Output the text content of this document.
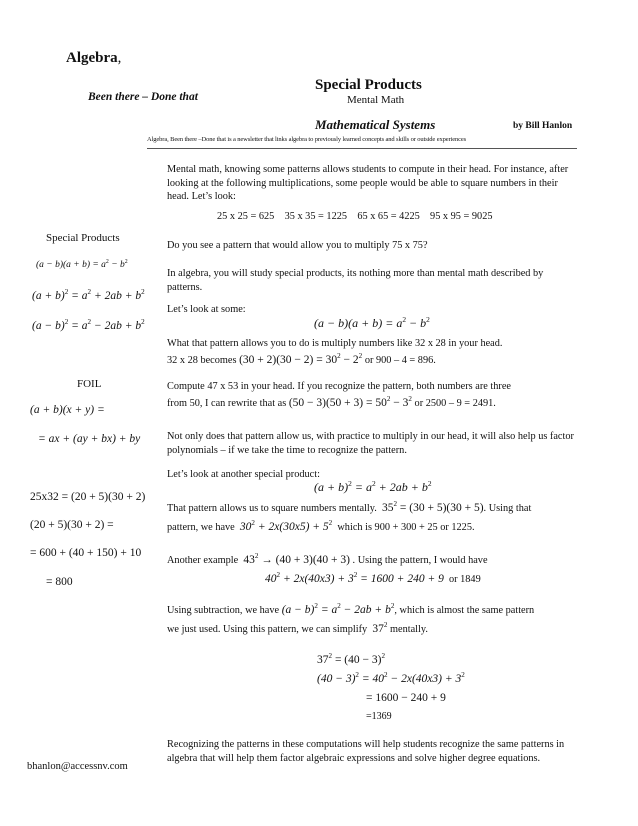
Algebra,
Been there – Done that
Special Products
Mental Math
Mathematical Systems	by Bill Hanlon
Algebra, Been there –Done that is a newsletter that links algebra to previously learned concepts and skills or outside experiences
Special Products
$(a - b)(a + b) = a^2 - b^2$
$(a + b)^2 = a^2 + 2ab + b^2$
$(a - b)^2 = a^2 - 2ab + b^2$
FOIL
(a + b)(x + y) =
= ax + (ay + bx) + by
25x32 = (20 + 5)(30 + 2)
(20 + 5)(30 + 2) =
= 600 + (40 + 150) + 10
= 800
bhanlon@accessnv.com
Mental math, knowing some patterns allows students to compute in their head. For instance, after looking at the following multiplications, some people would be able to square numbers in their head. Let’s look:
25 x 25 = 625    35 x 35 = 1225    65 x 65 = 4225    95 x 95 = 9025
Do you see a pattern that would allow you to multiply 75 x 75?
In algebra, you will study special products, its nothing more than mental math described by patterns.
Let’s look at some:
$(a - b)(a + b) = a^2 - b^2$
What that pattern allows you to do is multiply numbers like 32 x 28 in your head.
32 x 28 becomes $(30 + 2)(30 - 2) = 30^2 - 2^2$ or 900 – 4 = 896.
Compute 47 x 53 in your head. If you recognize the pattern, both numbers are three
from 50, I can rewrite that as $(50 - 3)(50 + 3) = 50^2 - 3^2$ or 2500 – 9 = 2491.
Not only does that pattern allow us, with practice to multiply in our head, it will also help us factor polynomials – if we take the time to recognize the pattern.
Let’s look at another special product:
$(a + b)^2 = a^2 + 2ab + b^2$
That pattern allows us to square numbers mentally. $35^2 = (30 + 5)(30 + 5)$. Using that
pattern, we have $30^2 + 2x(30x5) + 5^2$ which is 900 + 300 + 25 or 1225.
Another example $43^2 \to (40 + 3)(40 + 3)$ . Using the pattern, I would have
$40^2 + 2x(40x3) + 3^2 = 1600 + 240 + 9$ or 1849
Using subtraction, we have $(a - b)^2 = a^2 - 2ab + b^2$, which is almost the same pattern
we just used. Using this pattern, we can simplify $37^2$ mentally.
$37^2 = (40 - 3)^2$
$(40 - 3)^2 = 40^2 - 2x(40x3) + 3^2$
= 1600 − 240 + 9
=1369
Recognizing the patterns in these computations will help students recognize the same patterns in algebra that will help them factor algebraic expressions and solve higher degree equations.
